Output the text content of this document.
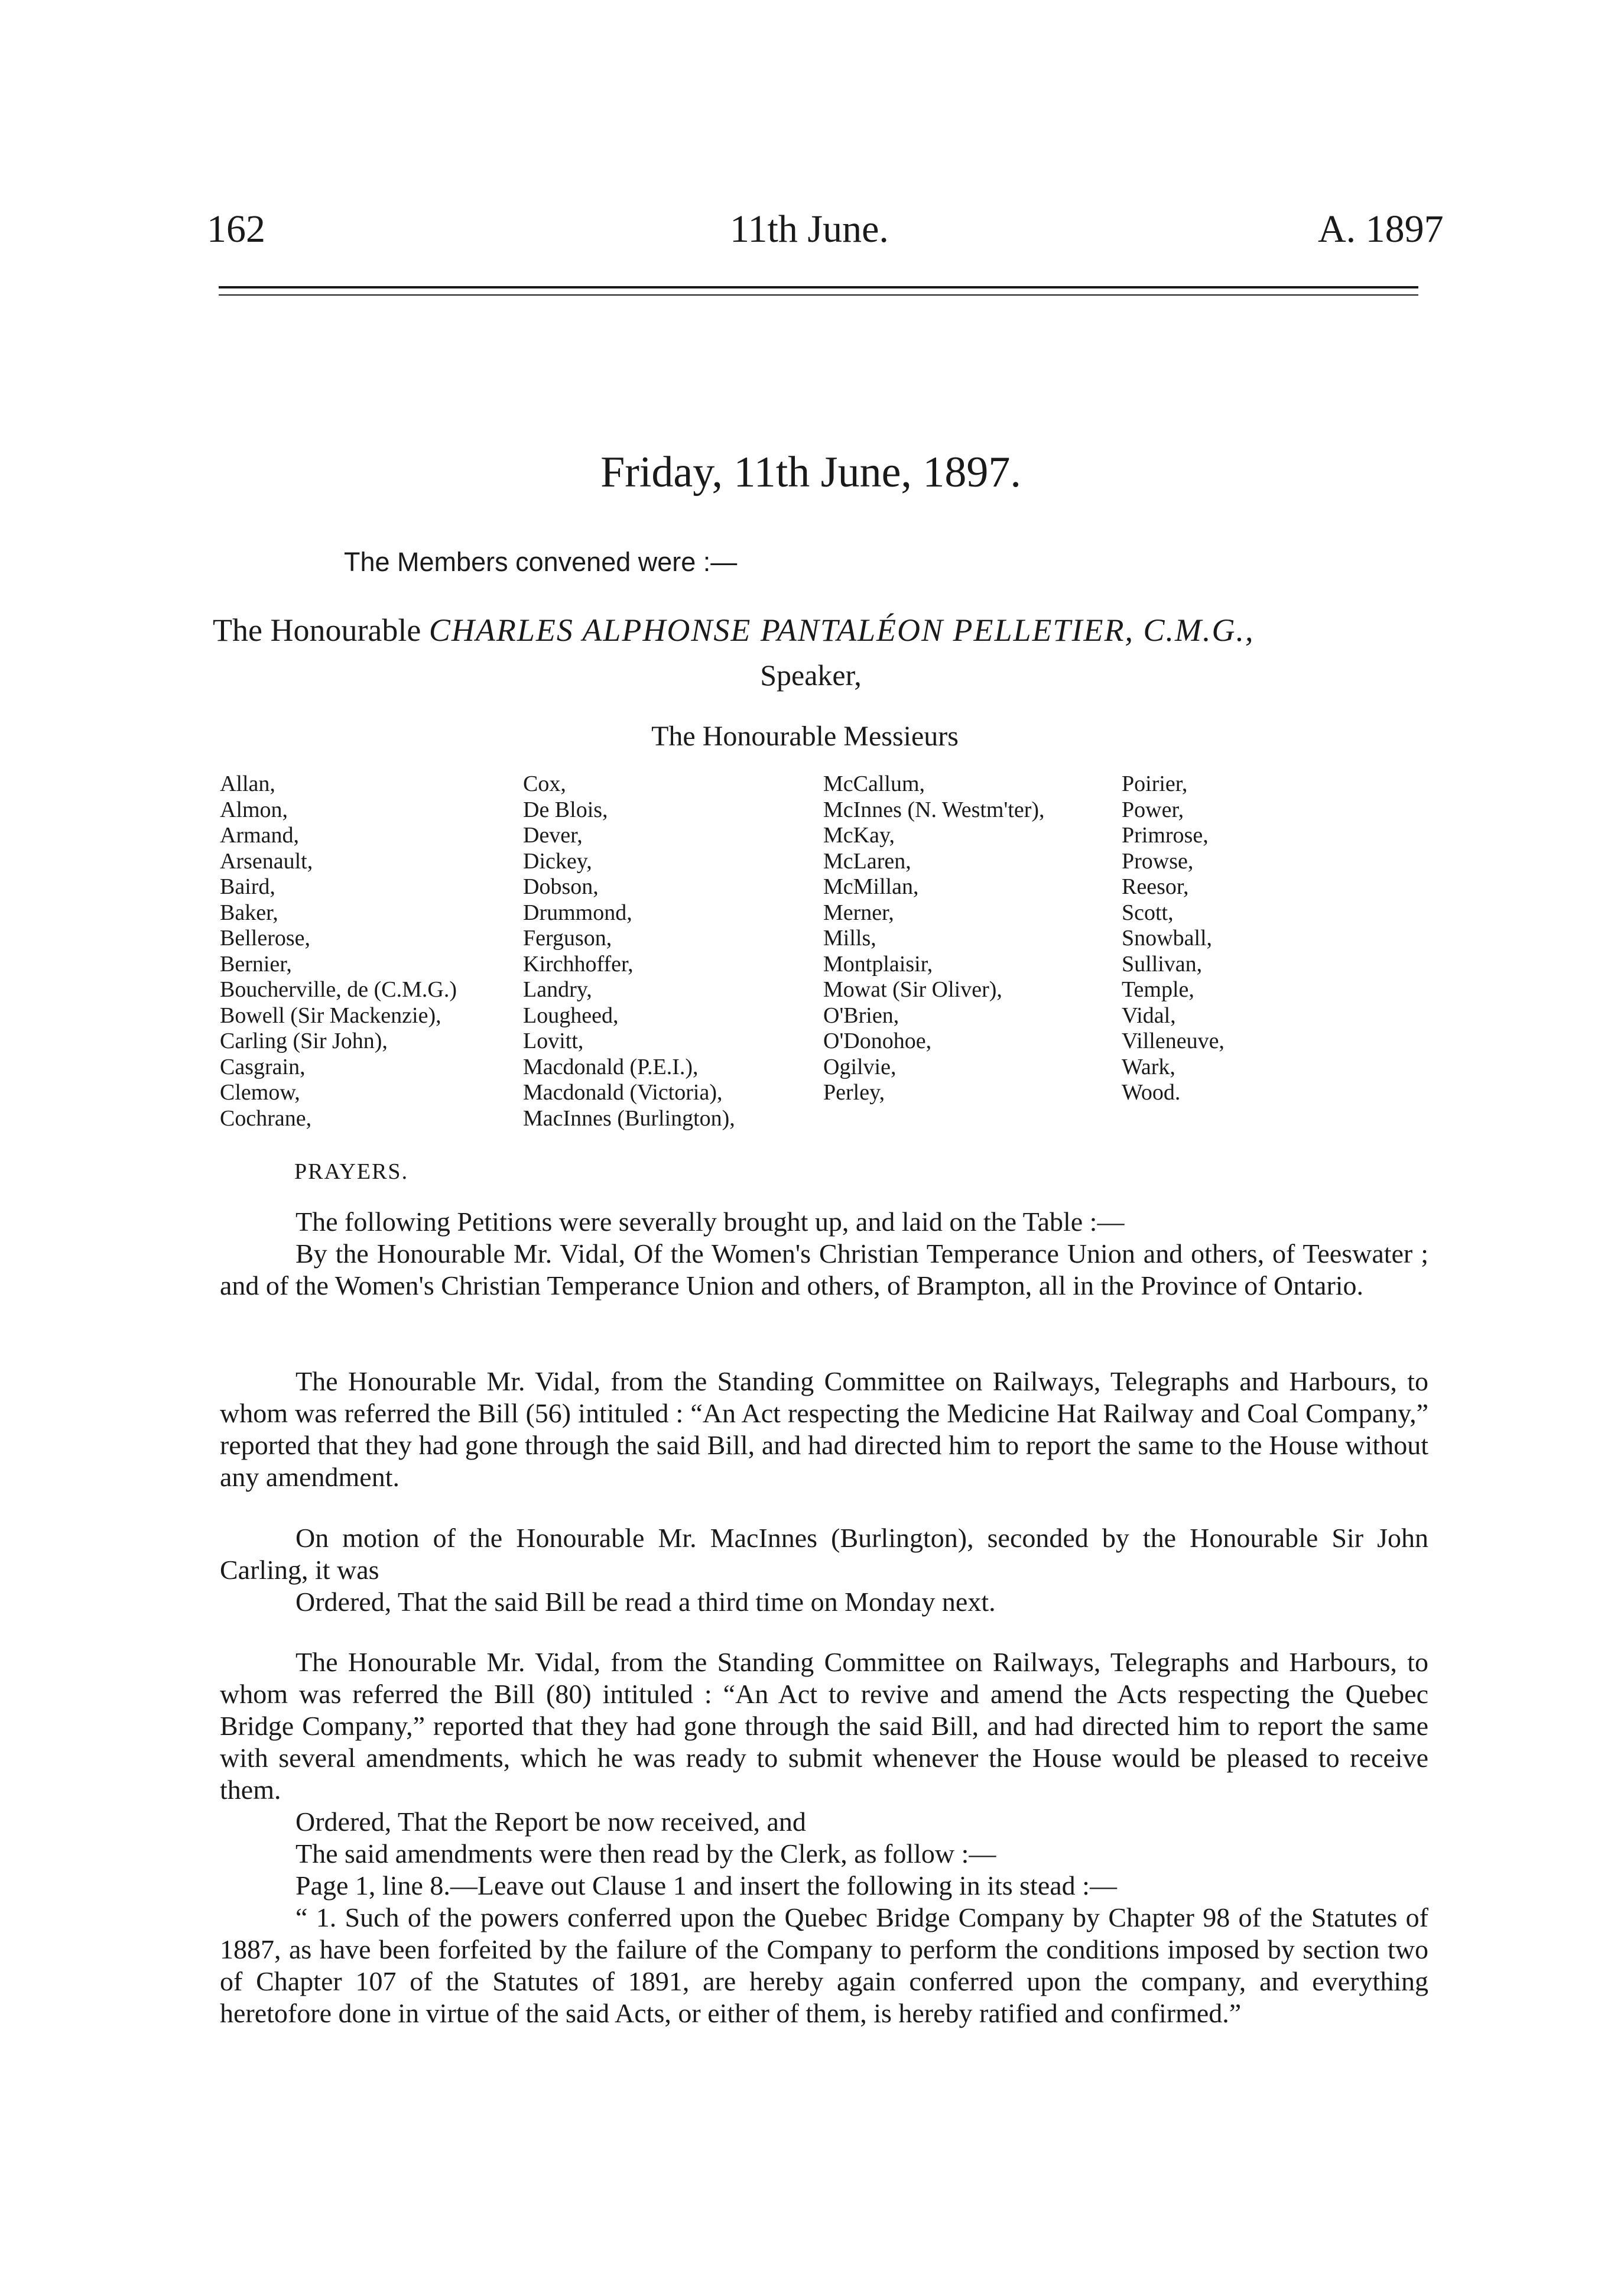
162	11th June.	A. 1897
Friday, 11th June, 1897.
The Members convened were :—
The Honourable CHARLES ALPHONSE PANTALÉON PELLETIER, C.M.G.,
Speaker,
The Honourable Messieurs
Allan,
Almon,
Armand,
Arsenault,
Baird,
Baker,
Bellerose,
Bernier,
Boucherville, de (C.M.G.)
Bowell (Sir Mackenzie),
Carling (Sir John),
Casgrain,
Clemow,
Cochrane,
Cox,
De Blois,
Dever,
Dickey,
Dobson,
Drummond,
Ferguson,
Kirchhoffer,
Landry,
Lougheed,
Lovitt,
Macdonald (P.E.I.),
Macdonald (Victoria),
MacInnes (Burlington),
McCallum,
McInnes (N. Westm'ter),
McKay,
McLaren,
McMillan,
Merner,
Mills,
Montplaisir,
Mowat (Sir Oliver),
O'Brien,
O'Donohoe,
Ogilvie,
Perley,
Poirier,
Power,
Primrose,
Prowse,
Reesor,
Scott,
Snowball,
Sullivan,
Temple,
Vidal,
Villeneuve,
Wark,
Wood.
PRAYERS.

The following Petitions were severally brought up, and laid on the Table :—

By the Honourable Mr. Vidal, Of the Women's Christian Temperance Union and others, of Teeswater ; and of the Women's Christian Temperance Union and others, of Brampton, all in the Province of Ontario.

The Honourable Mr. Vidal, from the Standing Committee on Railways, Telegraphs and Harbours, to whom was referred the Bill (56) intituled : “An Act respecting the Medicine Hat Railway and Coal Company,” reported that they had gone through the said Bill, and had directed him to report the same to the House without any amendment.

On motion of the Honourable Mr. MacInnes (Burlington), seconded by the Honourable Sir John Carling, it was

Ordered, That the said Bill be read a third time on Monday next.

The Honourable Mr. Vidal, from the Standing Committee on Railways, Telegraphs and Harbours, to whom was referred the Bill (80) intituled : “An Act to revive and amend the Acts respecting the Quebec Bridge Company,” reported that they had gone through the said Bill, and had directed him to report the same with several amendments, which he was ready to submit whenever the House would be pleased to receive them.

Ordered, That the Report be now received, and

The said amendments were then read by the Clerk, as follow :—

Page 1, line 8.—Leave out Clause 1 and insert the following in its stead :—

“ 1. Such of the powers conferred upon the Quebec Bridge Company by Chapter 98 of the Statutes of 1887, as have been forfeited by the failure of the Company to perform the conditions imposed by section two of Chapter 107 of the Statutes of 1891, are hereby again conferred upon the company, and everything heretofore done in virtue of the said Acts, or either of them, is hereby ratified and confirmed.”
